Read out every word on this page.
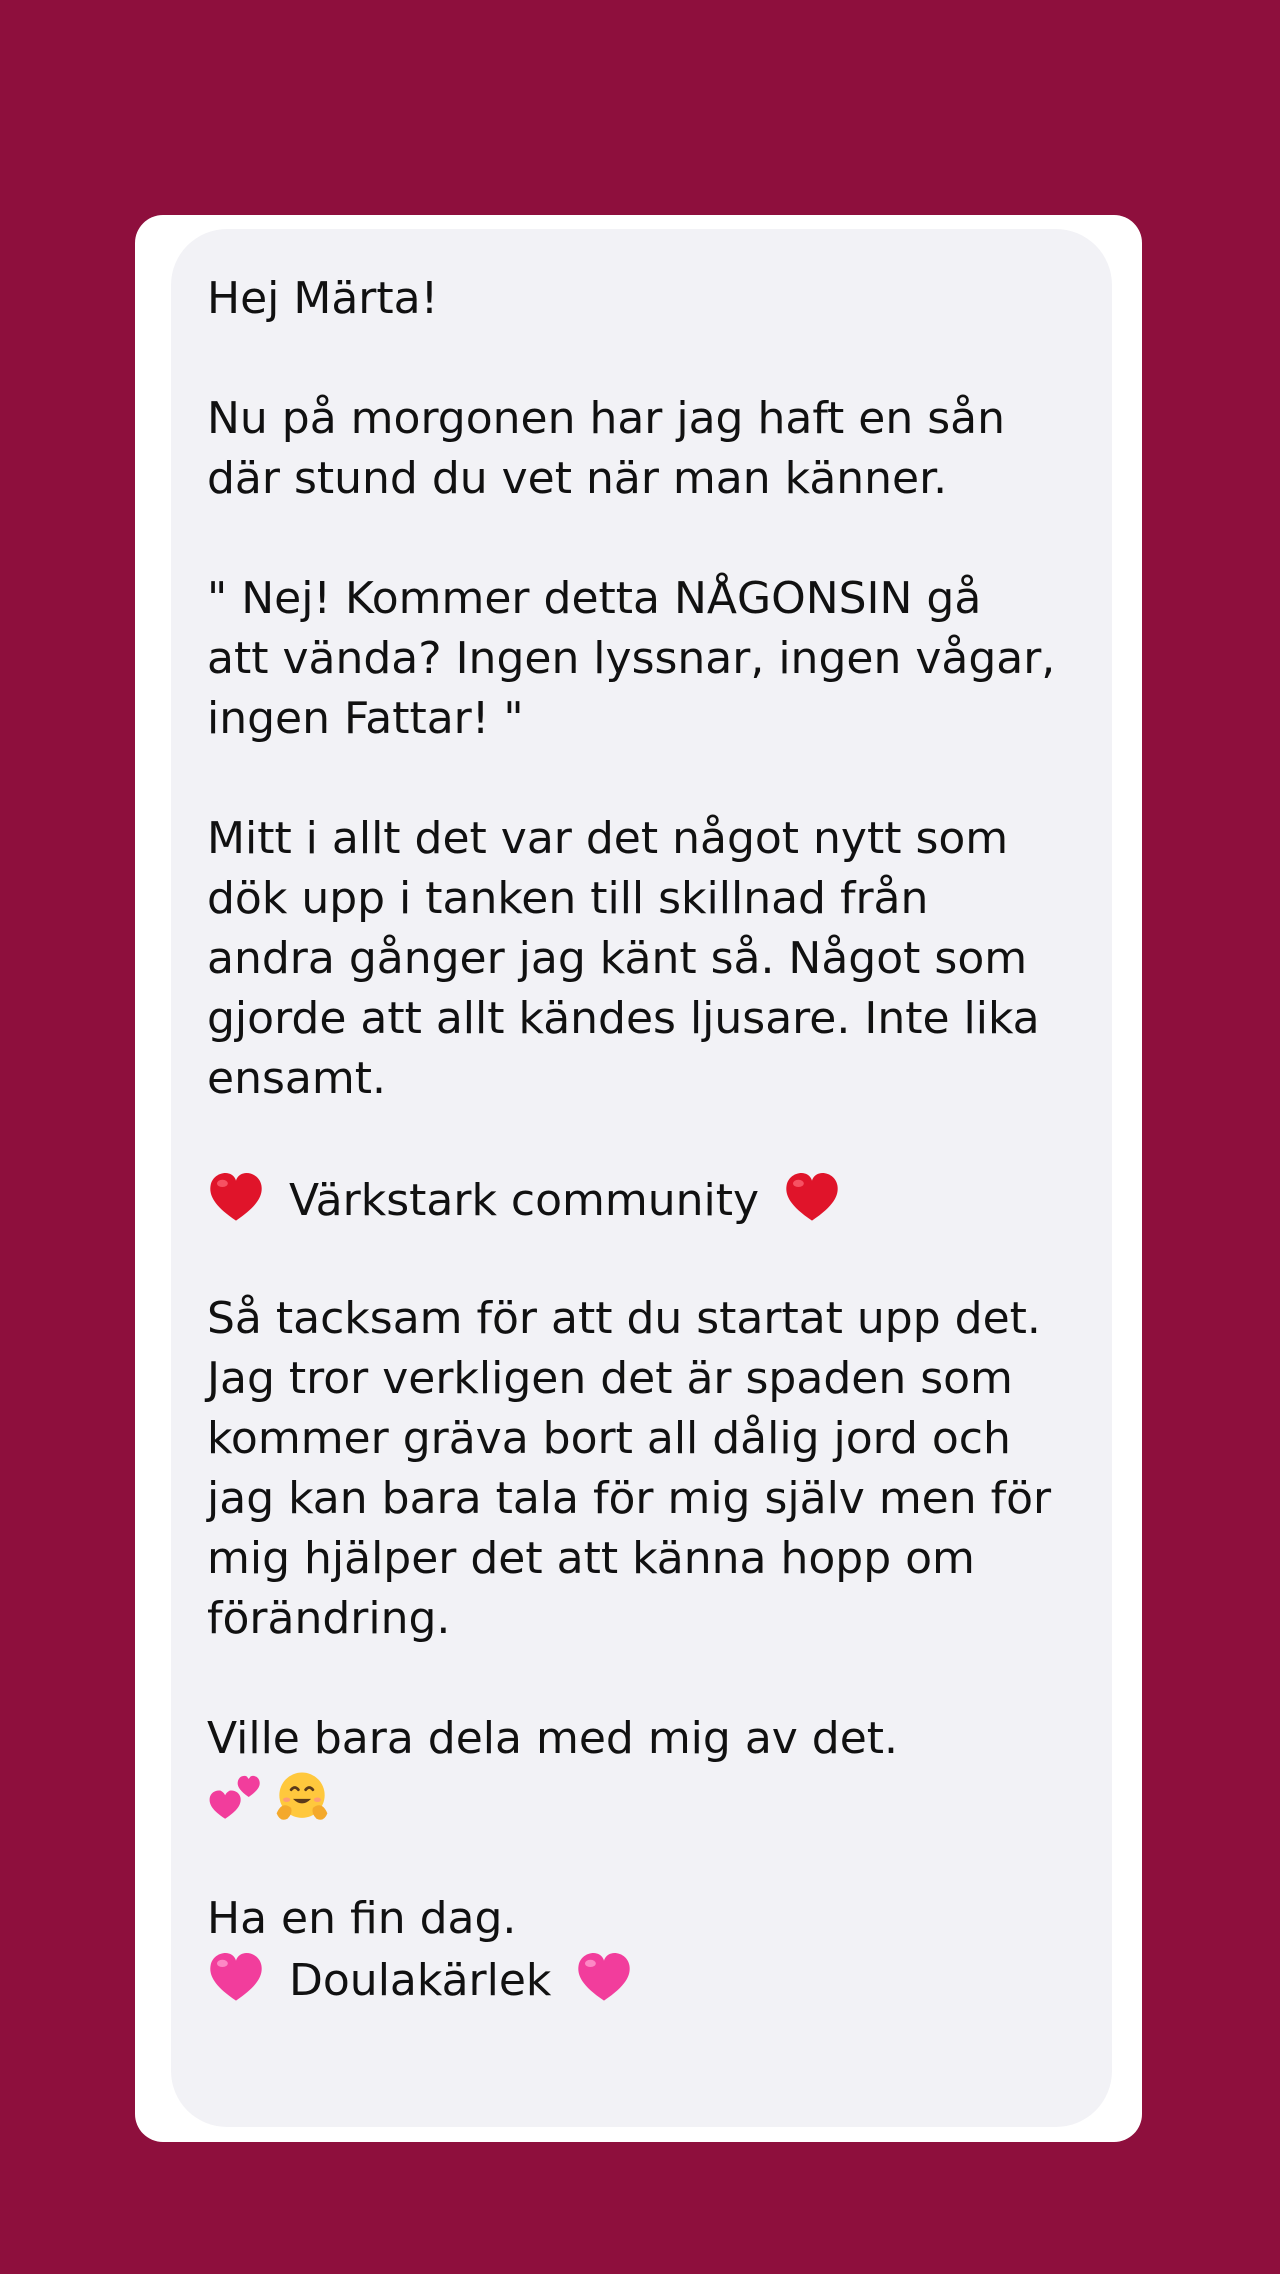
Hej Märta!
Nu på morgonen har jag haft en sån
där stund du vet när man känner.
" Nej! Kommer detta NÅGONSIN gå
att vända? Ingen lyssnar, ingen vågar,
ingen Fattar! "
Mitt i allt det var det något nytt som
dök upp i tanken till skillnad från
andra gånger jag känt så. Något som
gjorde att allt kändes ljusare. Inte lika
ensamt.
Värkstark community
Så tacksam för att du startat upp det.
Jag tror verkligen det är spaden som
kommer gräva bort all dålig jord och
jag kan bara tala för mig själv men för
mig hjälper det att känna hopp om
förändring.
Ville bara dela med mig av det.
Ha en fin dag.
Doulakärlek
